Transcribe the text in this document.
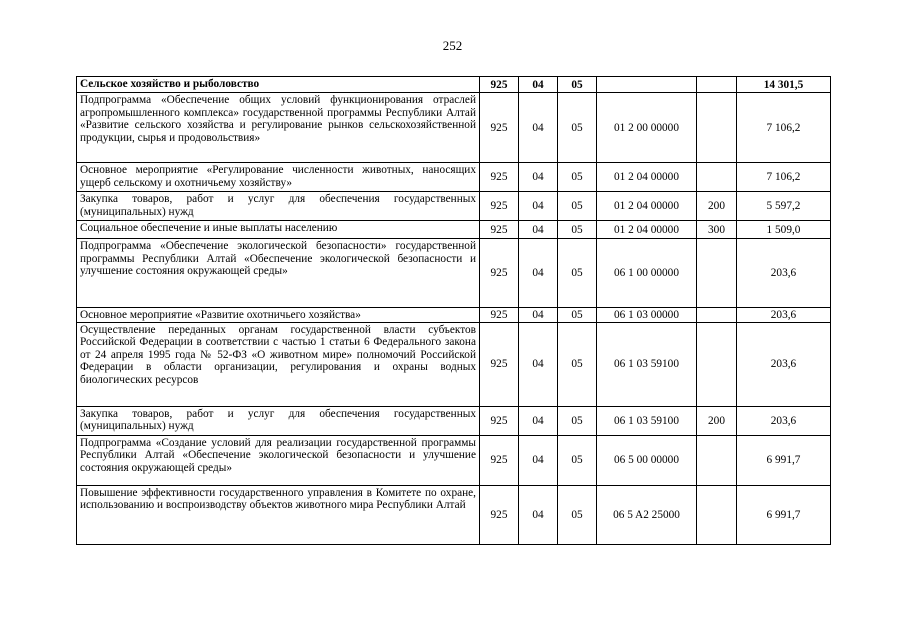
252
Сельское хозяйство и рыболовство	925	04	05			14 301,5
Подпрограмма «Обеспечение общих условий функционирования отраслей агропромышленного комплекса» государственной программы Республики Алтай «Развитие сельского хозяйства и регулирование рынков сельскохозяйственной продукции, сырья и продовольствия»	925	04	05	01 2 00 00000		7 106,2
Основное мероприятие «Регулирование численности животных, наносящих ущерб сельскому и охотничьему хозяйству»	925	04	05	01 2 04 00000		7 106,2
Закупка товаров, работ и услуг для обеспечения государственных (муниципальных) нужд	925	04	05	01 2 04 00000	200	5 597,2
Социальное обеспечение и иные выплаты населению	925	04	05	01 2 04 00000	300	1 509,0
Подпрограмма «Обеспечение экологической безопасности» государственной программы Республики Алтай «Обеспечение экологической безопасности и улучшение состояния окружающей среды»	925	04	05	06 1 00 00000		203,6
Основное мероприятие «Развитие охотничьего хозяйства»	925	04	05	06 1 03 00000		203,6
Осуществление переданных органам государственной власти субъектов Российской Федерации в соответствии с частью 1 статьи 6 Федерального закона от 24 апреля 1995 года № 52-ФЗ «О животном мире» полномочий Российской Федерации в области организации, регулирования и охраны водных биологических ресурсов	925	04	05	06 1 03 59100		203,6
Закупка товаров, работ и услуг для обеспечения государственных (муниципальных) нужд	925	04	05	06 1 03 59100	200	203,6
Подпрограмма «Создание условий для реализации государственной программы Республики Алтай «Обеспечение экологической безопасности и улучшение состояния окружающей среды»	925	04	05	06 5 00 00000		6 991,7
Повышение эффективности государственного управления в Комитете по охране, использованию и воспроизводству объектов животного мира Республики Алтай	925	04	05	06 5 A2 25000		6 991,7
